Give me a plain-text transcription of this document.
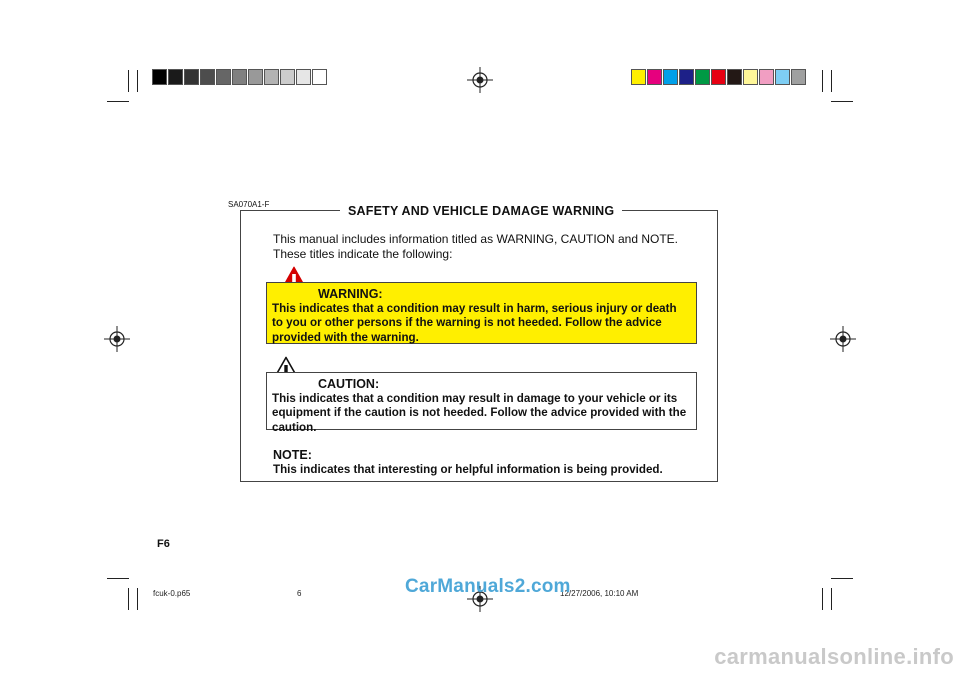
SA070A1-F	SAFETY AND VEHICLE DAMAGE WARNING
This manual includes information titled as WARNING, CAUTION and NOTE.
These titles indicate the following:
WARNING:
This indicates that a condition may result in harm, serious injury or death to you or other persons if the warning is not heeded. Follow the advice provided with the warning.
CAUTION:
This indicates that a condition may result in damage to your vehicle or its equipment if the caution is not heeded. Follow the advice provided with the caution.
NOTE:
This indicates that interesting or helpful information is being provided.
F6
fcuk-0.p65	6	12/27/2006, 10:10 AM
CarManuals2.com
carmanualsonline.info
